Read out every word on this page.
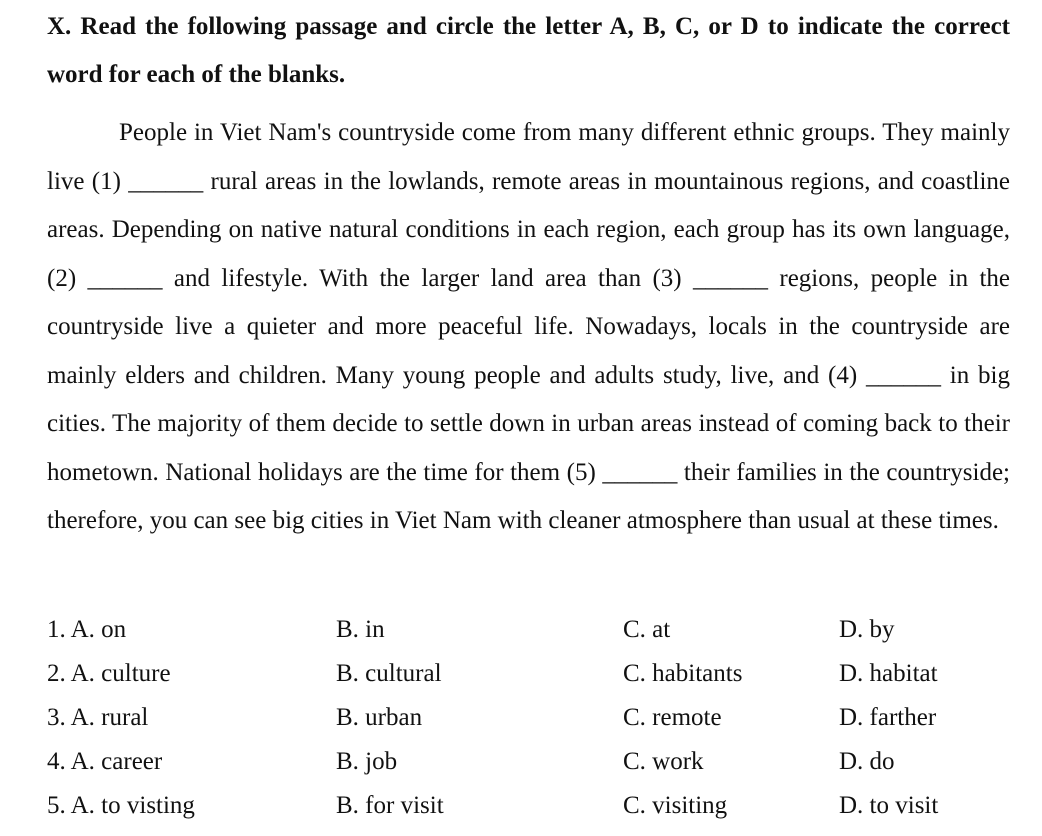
X. Read the following passage and circle the letter A, B, C, or D to indicate the correct word for each of the blanks.
People in Viet Nam's countryside come from many different ethnic groups. They mainly live (1) ______ rural areas in the lowlands, remote areas in mountainous regions, and coastline areas. Depending on native natural conditions in each region, each group has its own language, (2) ______ and lifestyle. With the larger land area than (3) ______ regions, people in the countryside live a quieter and more peaceful life. Nowadays, locals in the countryside are mainly elders and children. Many young people and adults study, live, and (4) ______ in big cities. The majority of them decide to settle down in urban areas instead of coming back to their hometown. National holidays are the time for them (5) ______ their families in the countryside; therefore, you can see big cities in Viet Nam with cleaner atmosphere than usual at these times.
1. A. on	B. in	C. at	D. by
2. A. culture	B. cultural	C. habitants	D. habitat
3. A. rural	B. urban	C. remote	D. farther
4. A. career	B. job	C. work	D. do
5. A. to visting	B. for visit	C. visiting	D. to visit
